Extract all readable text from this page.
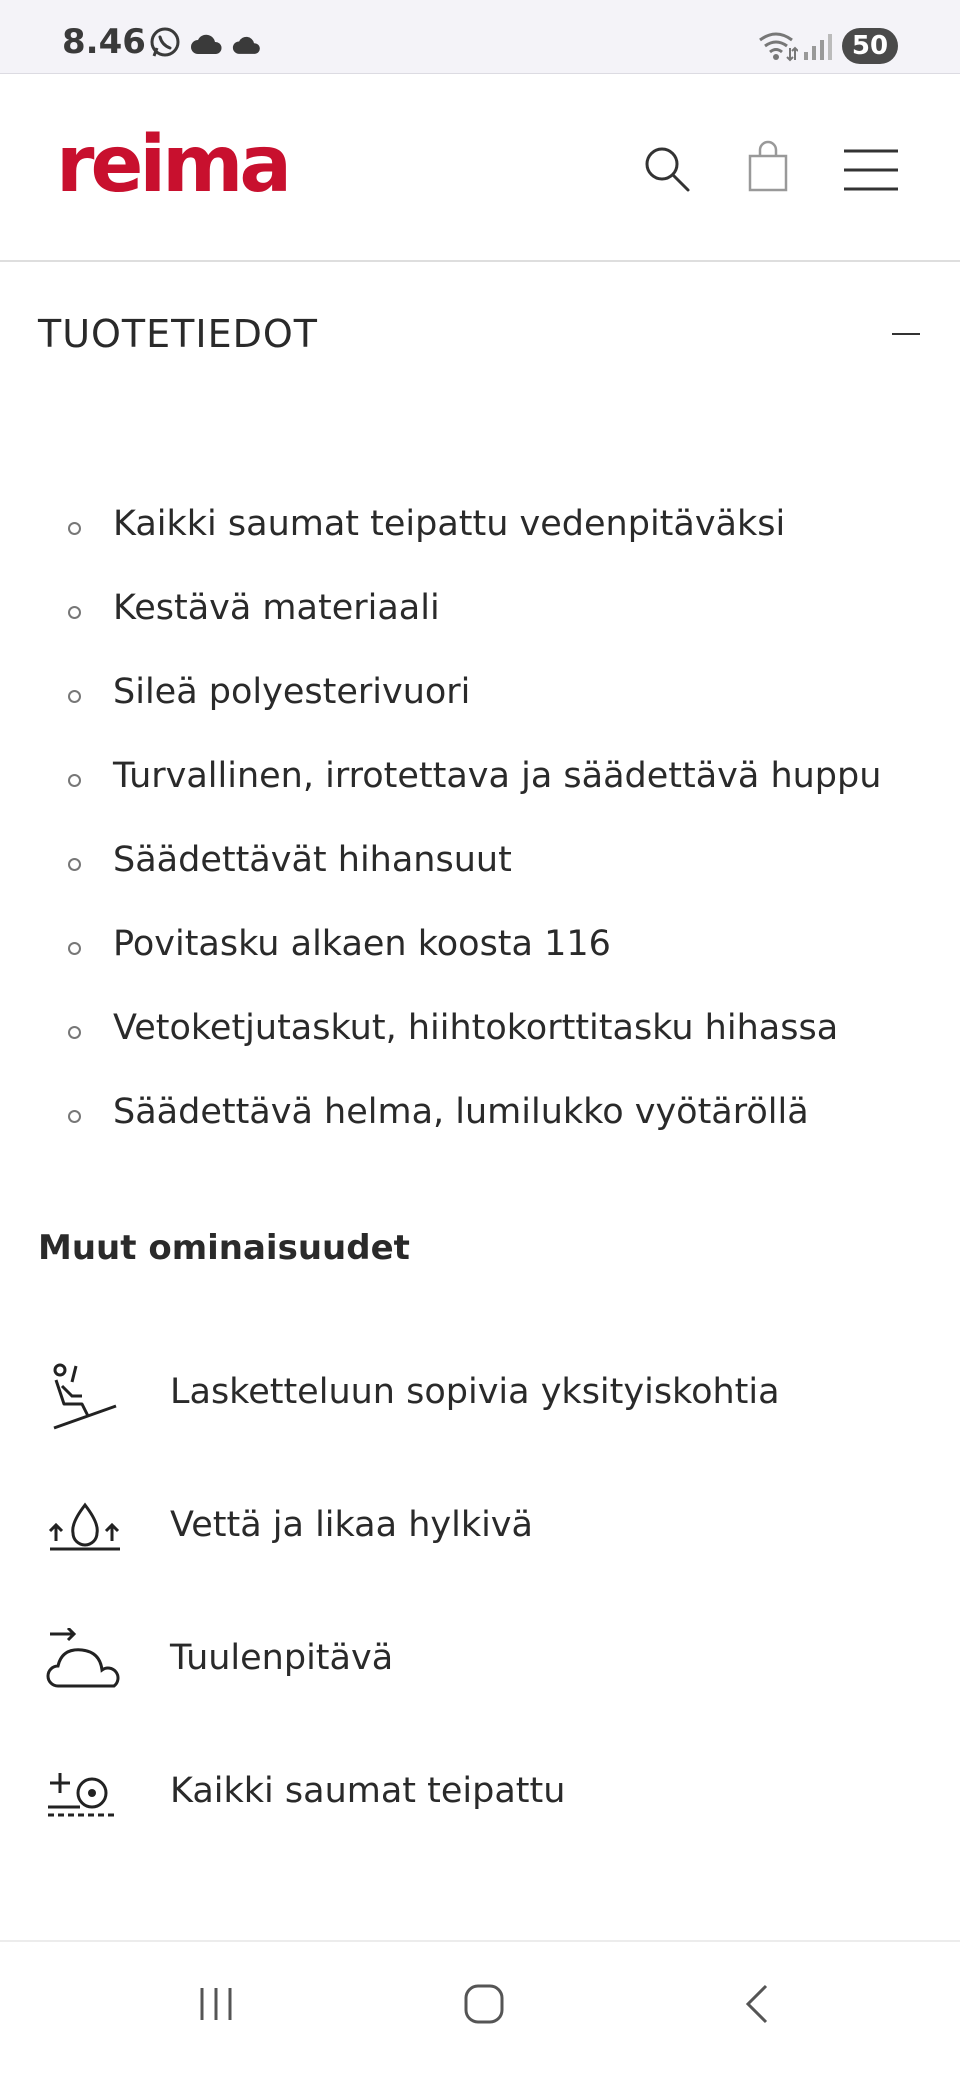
8.46	50
reima
TUOTETIEDOT
Kaikki saumat teipattu vedenpitäväksi
Kestävä materiaali
Sileä polyesterivuori
Turvallinen, irrotettava ja säädettävä huppu
Säädettävät hihansuut
Povitasku alkaen koosta 116
Vetoketjutaskut, hiihtokorttitasku hihassa
Säädettävä helma, lumilukko vyötäröllä
Muut ominaisuudet
Lasketteluun sopivia yksityiskohtia
Vettä ja likaa hylkivä
Tuulenpitävä
Kaikki saumat teipattu
